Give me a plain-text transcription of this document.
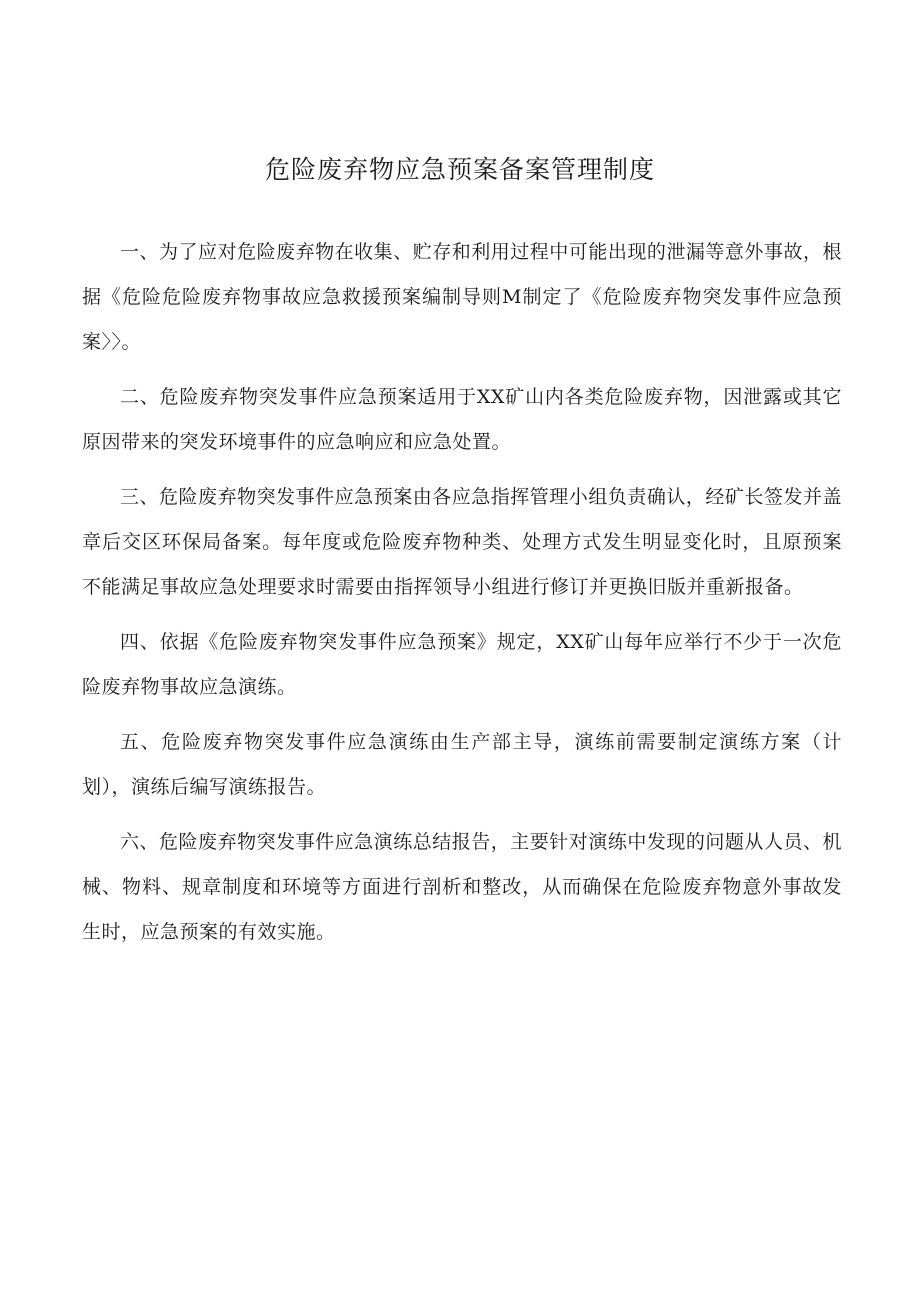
危险废弃物应急预案备案管理制度

一、为了应对危险废弃物在收集、贮存和利用过程中可能出现的泄漏等意外事故，根据《危险危险废弃物事故应急救援预案编制导则M制定了《危险废弃物突发事件应急预案〉〉。

二、危险废弃物突发事件应急预案适用于XX矿山内各类危险废弃物，因泄露或其它原因带来的突发环境事件的应急响应和应急处置。

三、危险废弃物突发事件应急预案由各应急指挥管理小组负责确认，经矿长签发并盖章后交区环保局备案。每年度或危险废弃物种类、处理方式发生明显变化时，且原预案不能满足事故应急处理要求时需要由指挥领导小组进行修订并更换旧版并重新报备。

四、依据《危险废弃物突发事件应急预案》规定，XX矿山每年应举行不少于一次危险废弃物事故应急演练。

五、危险废弃物突发事件应急演练由生产部主导，演练前需要制定演练方案（计划），演练后编写演练报告。

六、危险废弃物突发事件应急演练总结报告，主要针对演练中发现的问题从人员、机械、物料、规章制度和环境等方面进行剖析和整改，从而确保在危险废弃物意外事故发生时，应急预案的有效实施。
